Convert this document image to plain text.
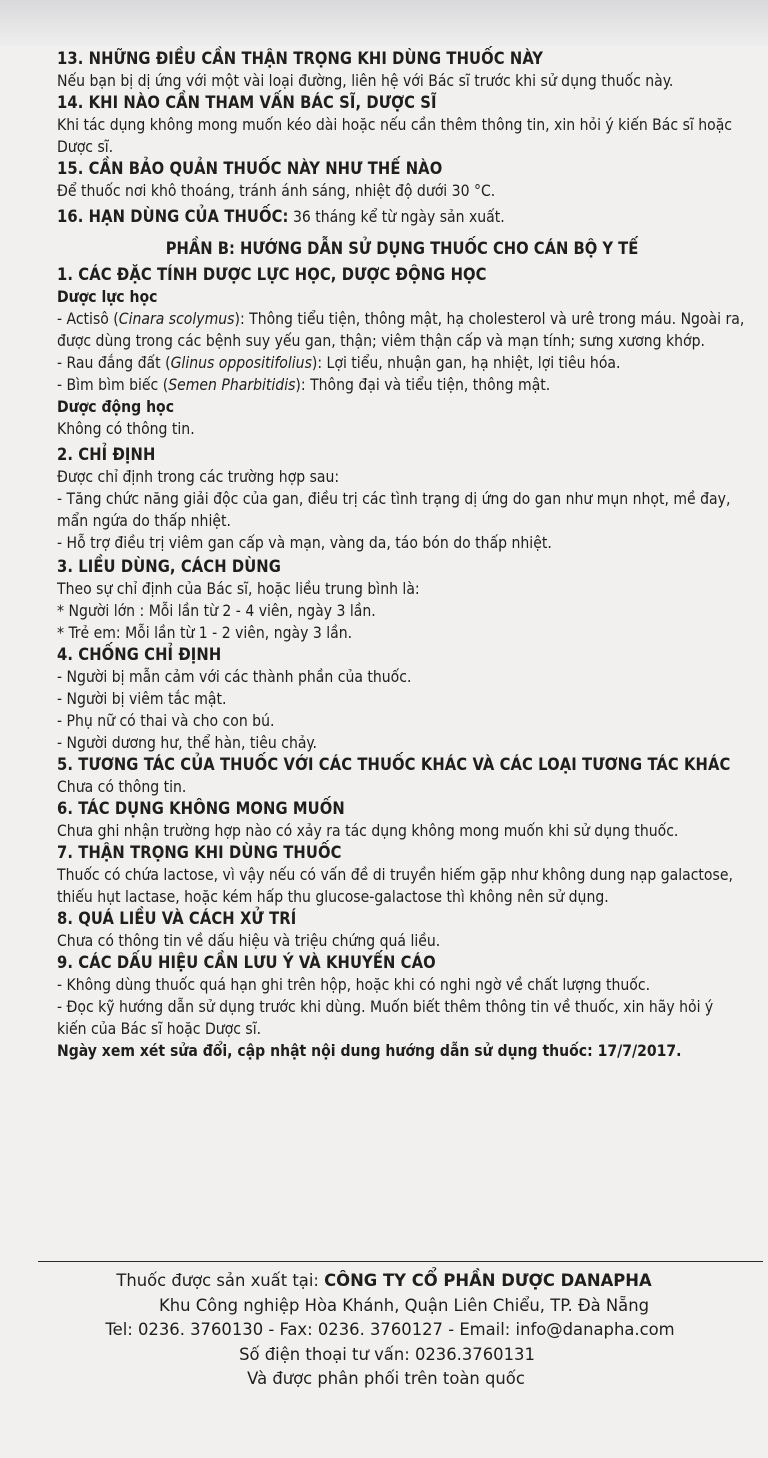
13. NHỮNG ĐIỀU CẦN THẬN TRỌNG KHI DÙNG THUỐC NÀY

Nếu bạn bị dị ứng với một vài loại đường, liên hệ với Bác sĩ trước khi sử dụng thuốc này.

14. KHI NÀO CẦN THAM VẤN BÁC SĨ, DƯỢC SĨ

Khi tác dụng không mong muốn kéo dài hoặc nếu cần thêm thông tin, xin hỏi ý kiến Bác sĩ hoặc Dược sĩ.

15. CẦN BẢO QUẢN THUỐC NÀY NHƯ THẾ NÀO

Để thuốc nơi khô thoáng, tránh ánh sáng, nhiệt độ dưới 30 °C.

16. HẠN DÙNG CỦA THUỐC: 36 tháng kể từ ngày sản xuất.

PHẦN B: HƯỚNG DẪN SỬ DỤNG THUỐC CHO CÁN BỘ Y TẾ
1. CÁC ĐẶC TÍNH DƯỢC LỰC HỌC, DƯỢC ĐỘNG HỌC
Dược lực học

- Actisô (Cinara scolymus): Thông tiểu tiện, thông mật, hạ cholesterol và urê trong máu. Ngoài ra, được dùng trong các bệnh suy yếu gan, thận; viêm thận cấp và mạn tính; sưng xương khớp.

- Rau đắng đất (Glinus oppositifolius): Lợi tiểu, nhuận gan, hạ nhiệt, lợi tiêu hóa.

- Bìm bìm biếc (Semen Pharbitidis): Thông đại và tiểu tiện, thông mật.

Dược động học

Không có thông tin.

2. CHỈ ĐỊNH

Được chỉ định trong các trường hợp sau:

- Tăng chức năng giải độc của gan, điều trị các tình trạng dị ứng do gan như mụn nhọt, mề đay, mẩn ngứa do thấp nhiệt.

- Hỗ trợ điều trị viêm gan cấp và mạn, vàng da, táo bón do thấp nhiệt.

3. LIỀU DÙNG, CÁCH DÙNG

Theo sự chỉ định của Bác sĩ, hoặc liều trung bình là:

* Người lớn : Mỗi lần từ 2 - 4 viên, ngày 3 lần.

* Trẻ em: Mỗi lần từ 1 - 2 viên, ngày 3 lần.

4. CHỐNG CHỈ ĐỊNH

- Người bị mẫn cảm với các thành phần của thuốc.

- Người bị viêm tắc mật.

- Phụ nữ có thai và cho con bú.

- Người dương hư, thể hàn, tiêu chảy.

5. TƯƠNG TÁC CỦA THUỐC VỚI CÁC THUỐC KHÁC VÀ CÁC LOẠI TƯƠNG TÁC KHÁC

Chưa có thông tin.

6. TÁC DỤNG KHÔNG MONG MUỐN

Chưa ghi nhận trường hợp nào có xảy ra tác dụng không mong muốn khi sử dụng thuốc.

7. THẬN TRỌNG KHI DÙNG THUỐC

Thuốc có chứa lactose, vì vậy nếu có vấn đề di truyền hiếm gặp như không dung nạp galactose, thiếu hụt lactase, hoặc kém hấp thu glucose-galactose thì không nên sử dụng.

8. QUÁ LIỀU VÀ CÁCH XỬ TRÍ

Chưa có thông tin về dấu hiệu và triệu chứng quá liều.

9. CÁC DẤU HIỆU CẦN LƯU Ý VÀ KHUYẾN CÁO

- Không dùng thuốc quá hạn ghi trên hộp, hoặc khi có nghi ngờ về chất lượng thuốc.

- Đọc kỹ hướng dẫn sử dụng trước khi dùng. Muốn biết thêm thông tin về thuốc, xin hãy hỏi ý kiến của Bác sĩ hoặc Dược sĩ.

Ngày xem xét sửa đổi, cập nhật nội dung hướng dẫn sử dụng thuốc: 17/7/2017.

Thuốc được sản xuất tại: CÔNG TY CỔ PHẦN DƯỢC DANAPHA
Khu Công nghiệp Hòa Khánh, Quận Liên Chiểu, TP. Đà Nẵng
Tel: 0236. 3760130 - Fax: 0236. 3760127 - Email: info@danapha.com
Số điện thoại tư vấn: 0236.3760131
Và được phân phối trên toàn quốc
